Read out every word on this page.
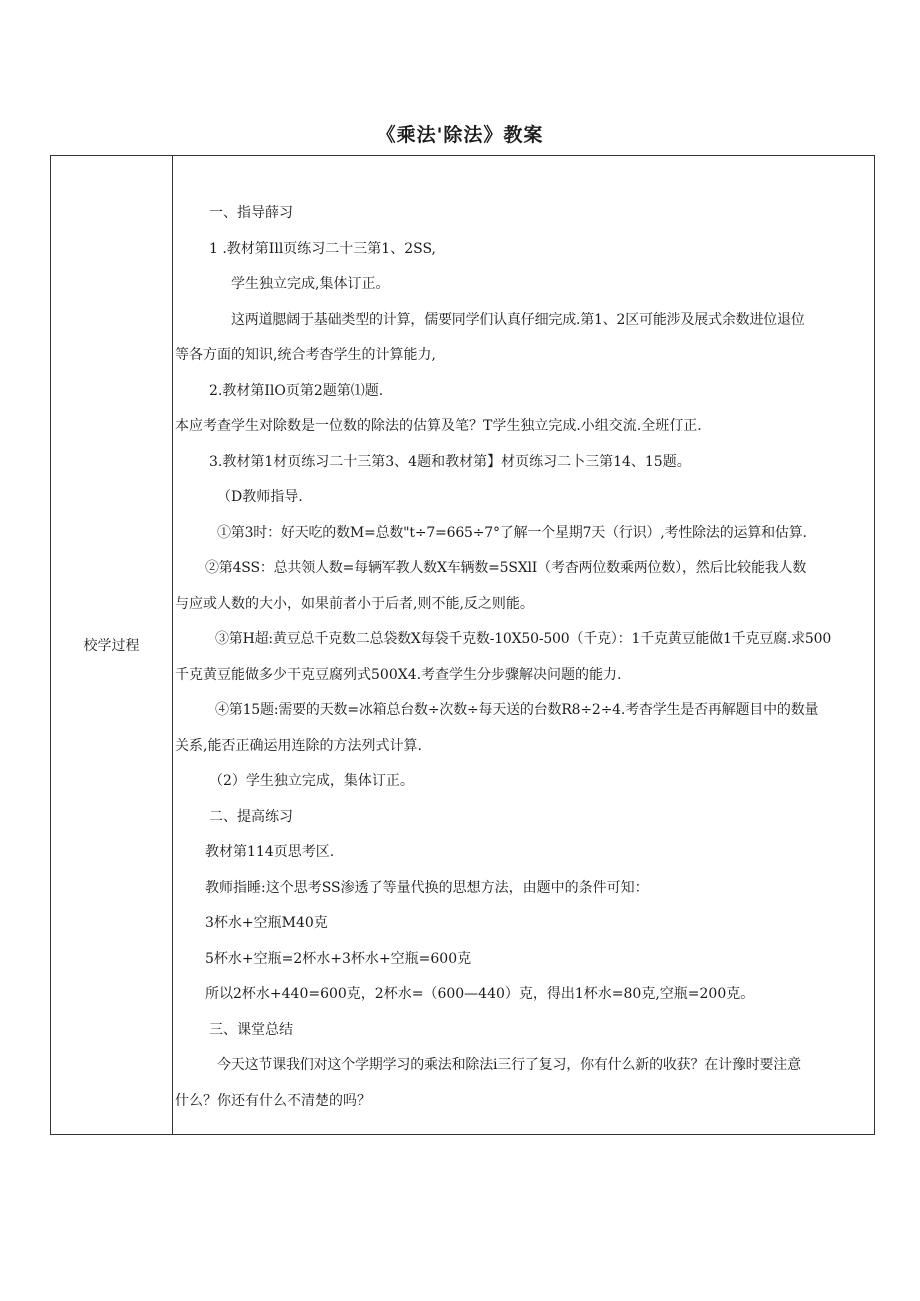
《乘法'除法》教案
校学过程	
一、指导薛习
1 .教材第Ill页练习二十三第1、2SS,
学生独立完成,集体订正。
这两道腮阔于基础类型的计算，儒要同学们认真仔细完成.第1、2区可能涉及展式余数进位退位
等各方面的知识,统合考杳学生的计算能力,
2.教材第IlO页第2题第⑴题.
本应考查学生对除数是一位数的除法的估算及笔？T学生独立完成.小组交流.全班仃正.
3.教材第1材页练习二十三第3、4题和教材第】材页练习二卜三第14、15题。
（D教师指导.
①第3时：好天吃的数M=总数"t÷7=665÷7°了解一个星期7天（行识）,考性除法的运算和估算.
②第4SS：总共领人数=每辆军教人数X车辆数=5SXlI（考杳两位数乘两位数），然后比较能我人数
与应或人数的大小，如果前者小于后者,则不能,反之则能。
③第H超:黄豆总千克数二总袋数X每袋千克数-10X50-500（千克）：1千克黄豆能做1千克豆腐.求500
千克黄豆能做多少干克豆腐列式500X4.考查学生分步骤解决问题的能力.
④第15题:需要的天数=冰箱总台数÷次数÷每天送的台数R8÷2÷4.考杳学生是否再解题目中的数量
关系,能否正确运用连除的方法列式计算.
（2）学生独立完成，集体订正。
二、提高练习
教材第114页思考区.
教师指睡:这个思考SS渗透了等量代换的思想方法，由题中的条件可知：
3杯水+空瓶M40克
5杯水+空瓶=2杯水+3杯水+空瓶=600克
所以2杯水+440=600克，2杯水=（600—440）克，得出1杯水=80克,空瓶=200克。
三、课堂总结
今天这节课我们对这个学期学习的乘法和除法i三行了复习，你有什么新的收获？在计豫时要注意
什么？你还有什么不清楚的吗？
